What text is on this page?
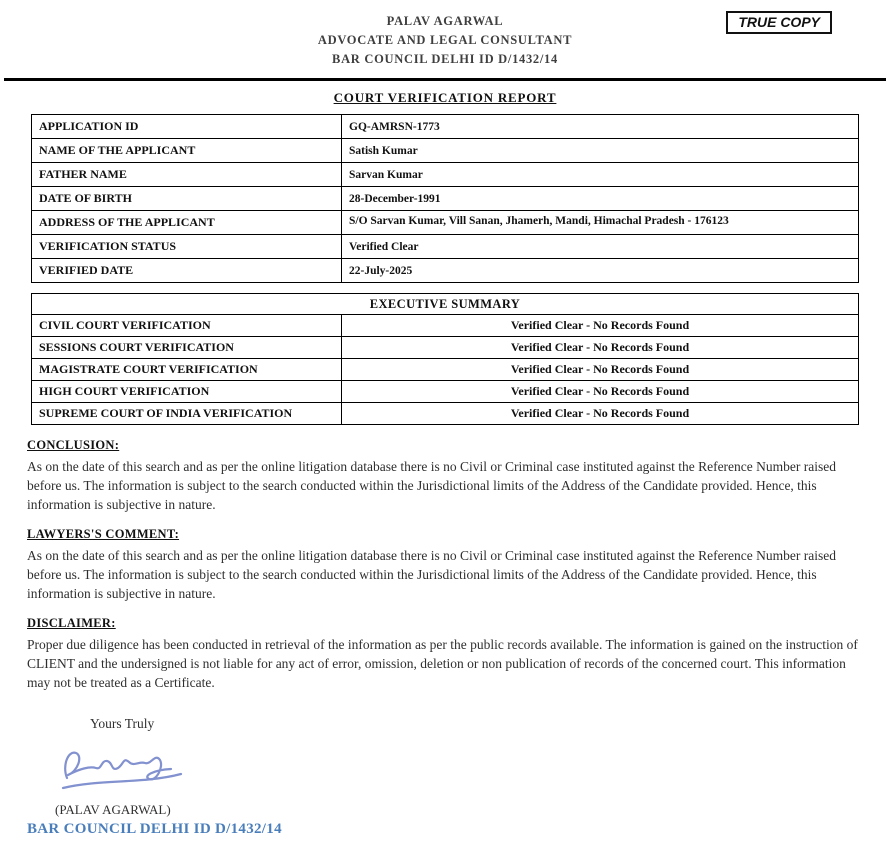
PALAV AGARWAL
ADVOCATE AND LEGAL CONSULTANT
BAR COUNCIL DELHI ID D/1432/14
TRUE COPY
COURT VERIFICATION REPORT
APPLICATION ID	GQ-AMRSN-1773
NAME OF THE APPLICANT	Satish Kumar
FATHER NAME	Sarvan Kumar
DATE OF BIRTH	28-December-1991
ADDRESS OF THE APPLICANT	S/O Sarvan Kumar, Vill Sanan, Jhamerh, Mandi, Himachal Pradesh - 176123
VERIFICATION STATUS	Verified Clear
VERIFIED DATE	22-July-2025
EXECUTIVE SUMMARY	
CIVIL COURT VERIFICATION	Verified Clear - No Records Found
SESSIONS COURT VERIFICATION	Verified Clear - No Records Found
MAGISTRATE COURT VERIFICATION	Verified Clear - No Records Found
HIGH COURT VERIFICATION	Verified Clear - No Records Found
SUPREME COURT OF INDIA VERIFICATION	Verified Clear - No Records Found
CONCLUSION:

As on the date of this search and as per the online litigation database there is no Civil or Criminal case instituted against the Reference Number raised before us. The information is subject to the search conducted within the Jurisdictional limits of the Address of the Candidate provided. Hence, this information is subjective in nature.

LAWYERS'S COMMENT:

As on the date of this search and as per the online litigation database there is no Civil or Criminal case instituted against the Reference Number raised before us. The information is subject to the search conducted within the Jurisdictional limits of the Address of the Candidate provided. Hence, this information is subjective in nature.

DISCLAIMER:

Proper due diligence has been conducted in retrieval of the information as per the public records available. The information is gained on the instruction of CLIENT and the undersigned is not liable for any act of error, omission, deletion or non publication of records of the concerned court. This information may not be treated as a Certificate.

Yours Truly
(PALAV AGARWAL)
BAR COUNCIL DELHI ID D/1432/14
